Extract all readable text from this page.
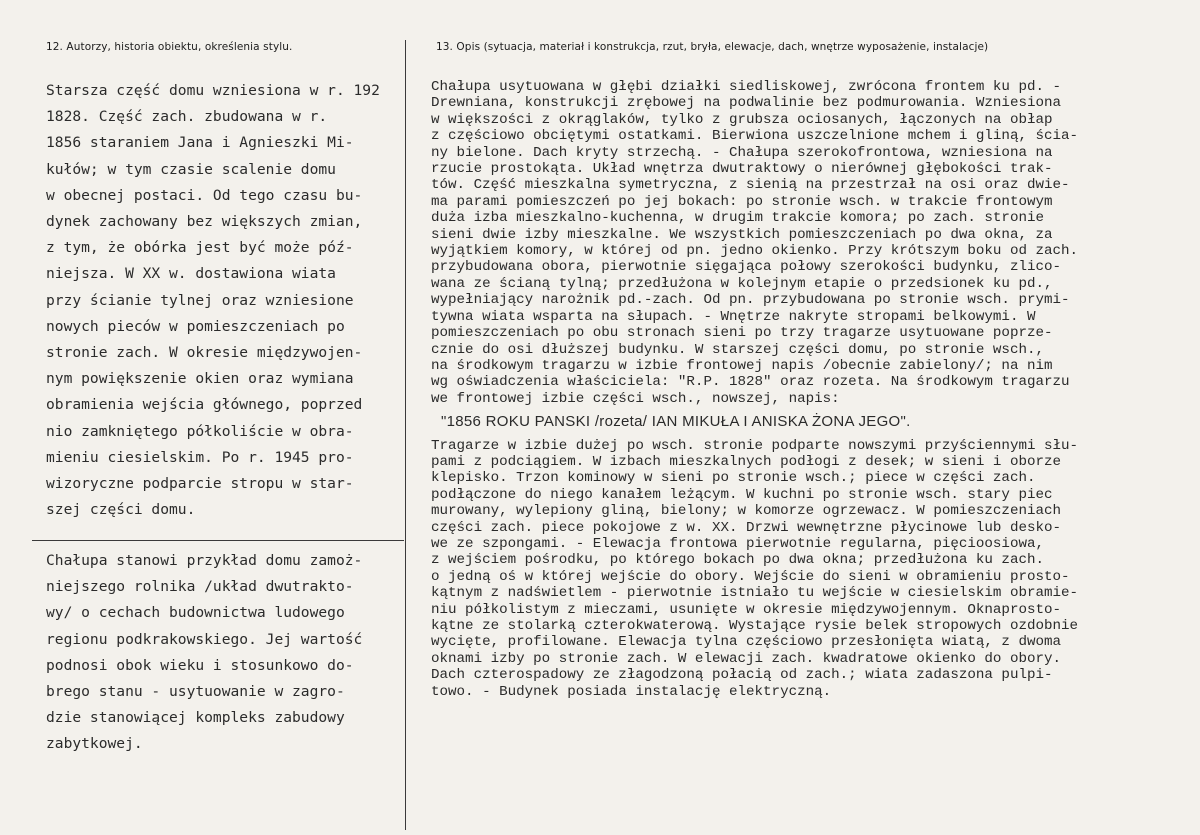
12. Autorzy, historia obiektu, określenia stylu.	13. Opis (sytuacja, materiał i konstrukcja, rzut, bryła, elewacje, dach, wnętrze wyposażenie, instalacje)
Starsza część domu wzniesiona w r. 192
1828. Część zach. zbudowana w r.
1856 staraniem Jana i Agnieszki Mi-
kułów; w tym czasie scalenie domu
w obecnej postaci. Od tego czasu bu-
dynek zachowany bez większych zmian,
z tym, że obórka jest być może póź-
niejsza. W XX w. dostawiona wiata
przy ścianie tylnej oraz wzniesione
nowych pieców w pomieszczeniach po
stronie zach. W okresie międzywojen-
nym powiększenie okien oraz wymiana
obramienia wejścia głównego, poprzed
nio zamkniętego półkoliście w obra-
mieniu ciesielskim. Po r. 1945 pro-
wizoryczne podparcie stropu w star-
szej części domu.
Chałupa stanowi przykład domu zamoż-
niejszego rolnika /układ dwutrakto-
wy/ o cechach budownictwa ludowego
regionu podkrakowskiego. Jej wartość
podnosi obok wieku i stosunkowo do-
brego stanu - usytuowanie w zagro-
dzie stanowiącej kompleks zabudowy
zabytkowej.
Chałupa usytuowana w głębi działki siedliskowej, zwrócona frontem ku pd. -
Drewniana, konstrukcji zrębowej na podwalinie bez podmurowania. Wzniesiona
w większości z okrąglaków, tylko z grubsza ociosanych, łączonych na obłap
z częściowo obciętymi ostatkami. Bierwiona uszczelnione mchem i gliną, ścia-
ny bielone. Dach kryty strzechą. - Chałupa szerokofrontowa, wzniesiona na
rzucie prostokąta. Układ wnętrza dwutraktowy o nierównej głębokości trak-
tów. Część mieszkalna symetryczna, z sienią na przestrzał na osi oraz dwie-
ma parami pomieszczeń po jej bokach: po stronie wsch. w trakcie frontowym
duża izba mieszkalno-kuchenna, w drugim trakcie komora; po zach. stronie
sieni dwie izby mieszkalne. We wszystkich pomieszczeniach po dwa okna, za
wyjątkiem komory, w której od pn. jedno okienko. Przy krótszym boku od zach.
przybudowana obora, pierwotnie sięgająca połowy szerokości budynku, zlico-
wana ze ścianą tylną; przedłużona w kolejnym etapie o przedsionek ku pd.,
wypełniający narożnik pd.-zach. Od pn. przybudowana po stronie wsch. prymi-
tywna wiata wsparta na słupach. - Wnętrze nakryte stropami belkowymi. W
pomieszczeniach po obu stronach sieni po trzy tragarze usytuowane poprze-
cznie do osi dłuższej budynku. W starszej części domu, po stronie wsch.,
na środkowym tragarzu w izbie frontowej napis /obecnie zabielony/; na nim
wg oświadczenia właściciela: "R.P. 1828" oraz rozeta. Na środkowym tragarzu
we frontowej izbie części wsch., nowszej, napis:
"1856 ROKU PANSKI /rozeta/ IAN MIKUŁA I ANISKA ŻONA JEGO".
Tragarze w izbie dużej po wsch. stronie podparte nowszymi przyściennymi słu-
pami z podciągiem. W izbach mieszkalnych podłogi z desek; w sieni i oborze
klepisko. Trzon kominowy w sieni po stronie wsch.; piece w części zach.
podłączone do niego kanałem leżącym. W kuchni po stronie wsch. stary piec
murowany, wylepiony gliną, bielony; w komorze ogrzewacz. W pomieszczeniach
części zach. piece pokojowe z w. XX. Drzwi wewnętrzne płycinowe lub desko-
we ze szpongami. - Elewacja frontowa pierwotnie regularna, pięcioosiowa,
z wejściem pośrodku, po którego bokach po dwa okna; przedłużona ku zach.
o jedną oś w której wejście do obory. Wejście do sieni w obramieniu prosto-
kątnym z nadświetlem - pierwotnie istniało tu wejście w ciesielskim obramie-
niu półkolistym z mieczami, usunięte w okresie międzywojennym. Oknaprosto-
kątne ze stolarką czterokwaterową. Wystające rysie belek stropowych ozdobnie
wycięte, profilowane. Elewacja tylna częściowo przesłonięta wiatą, z dwoma
oknami izby po stronie zach. W elewacji zach. kwadratowe okienko do obory.
Dach czterospadowy ze złagodzoną połacią od zach.; wiata zadaszona pulpi-
towo. - Budynek posiada instalację elektryczną.
